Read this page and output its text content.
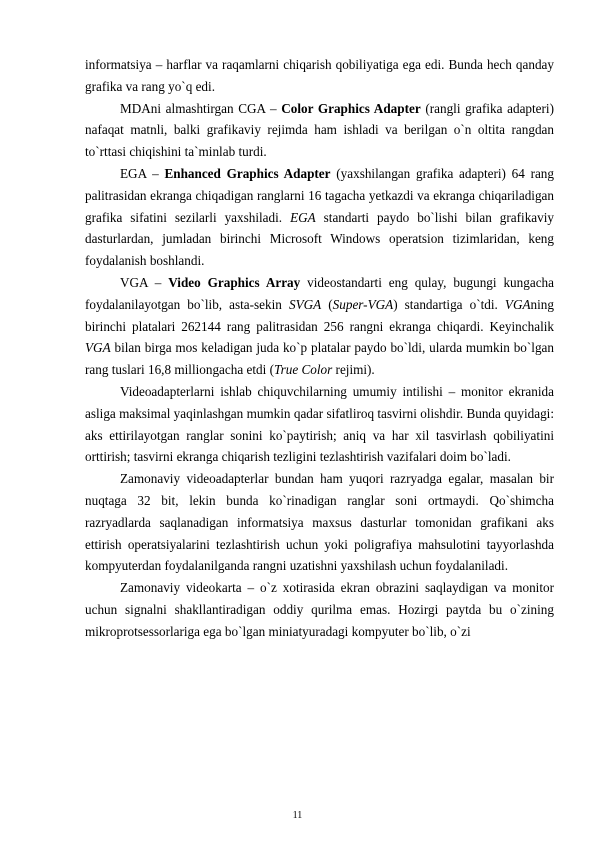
informatsiya – harflar va raqamlarni chiqarish qobiliyatiga ega edi. Bunda hech qanday grafika va rang yo`q edi.

MDAni almashtirgan CGA – Color Graphics Adapter (rangli grafika adapteri) nafaqat matnli, balki grafikaviy rejimda ham ishladi va berilgan o`n oltita rangdan to`rttasi chiqishini ta`minlab turdi.

EGA – Enhanced Graphics Adapter (yaxshilangan grafika adapteri) 64 rang palitrasidan ekranga chiqadigan ranglarni 16 tagacha yetkazdi va ekranga chiqariladigan grafika sifatini sezilarli yaxshiladi. EGA standarti paydo bo`lishi bilan grafikaviy dasturlardan, jumladan birinchi Microsoft Windows operatsion tizimlaridan, keng foydalanish boshlandi.

VGA – Video Graphics Array videostandarti eng qulay, bugungi kungacha foydalanilayotgan bo`lib, asta-sekin SVGA (Super-VGA) standartiga o`tdi. VGAning birinchi platalari 262144 rang palitrasidan 256 rangni ekranga chiqardi. Keyinchalik VGA bilan birga mos keladigan juda ko`p platalar paydo bo`ldi, ularda mumkin bo`lgan rang tuslari 16,8 milliongacha etdi (True Color rejimi).

Videoadapterlarni ishlab chiquvchilarning umumiy intilishi – monitor ekranida asliga maksimal yaqinlashgan mumkin qadar sifatliroq tasvirni olishdir. Bunda quyidagi: aks ettirilayotgan ranglar sonini ko`paytirish; aniq va har xil tasvirlash qobiliyatini orttirish; tasvirni ekranga chiqarish tezligini tezlashtirish vazifalari doim bo`ladi.

Zamonaviy videoadapterlar bundan ham yuqori razryadga egalar, masalan bir nuqtaga 32 bit, lekin bunda ko`rinadigan ranglar soni ortmaydi. Qo`shimcha razryadlarda saqlanadigan informatsiya maxsus dasturlar tomonidan grafikani aks ettirish operatsiyalarini tezlashtirish uchun yoki poligrafiya mahsulotini tayyorlashda kompyuterdan foydalanilganda rangni uzatishni yaxshilash uchun foydalaniladi.

Zamonaviy videokarta – o`z xotirasida ekran obrazini saqlaydigan va monitor uchun signalni shakllantiradigan oddiy qurilma emas. Hozirgi paytda bu o`zining mikroprotsessorlariga ega bo`lgan miniatyuradagi kompyuter bo`lib, o`zi

11
